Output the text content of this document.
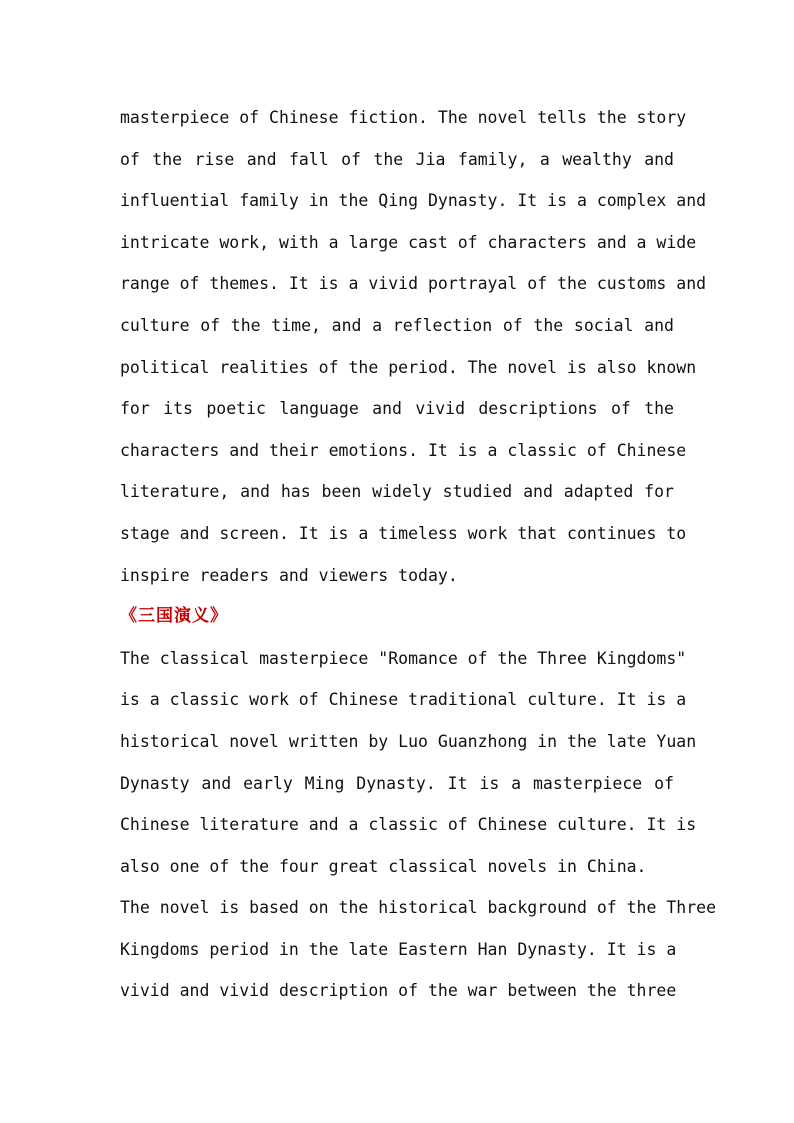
masterpiece of Chinese fiction. The novel tells the story
of the rise and fall of the Jia family, a wealthy and
influential family in the Qing Dynasty. It is a complex and
intricate work, with a large cast of characters and a wide
range of themes. It is a vivid portrayal of the customs and
culture of the time, and a reflection of the social and
political realities of the period. The novel is also known
for its poetic language and vivid descriptions of the
characters and their emotions. It is a classic of Chinese
literature, and has been widely studied and adapted for
stage and screen. It is a timeless work that continues to
inspire readers and viewers today.
《三国演义》
The classical masterpiece "Romance of the Three Kingdoms"
is a classic work of Chinese traditional culture. It is a
historical novel written by Luo Guanzhong in the late Yuan
Dynasty and early Ming Dynasty. It is a masterpiece of
Chinese literature and a classic of Chinese culture. It is
also one of the four great classical novels in China.
The novel is based on the historical background of the Three
Kingdoms period in the late Eastern Han Dynasty. It is a
vivid and vivid description of the war between the three
